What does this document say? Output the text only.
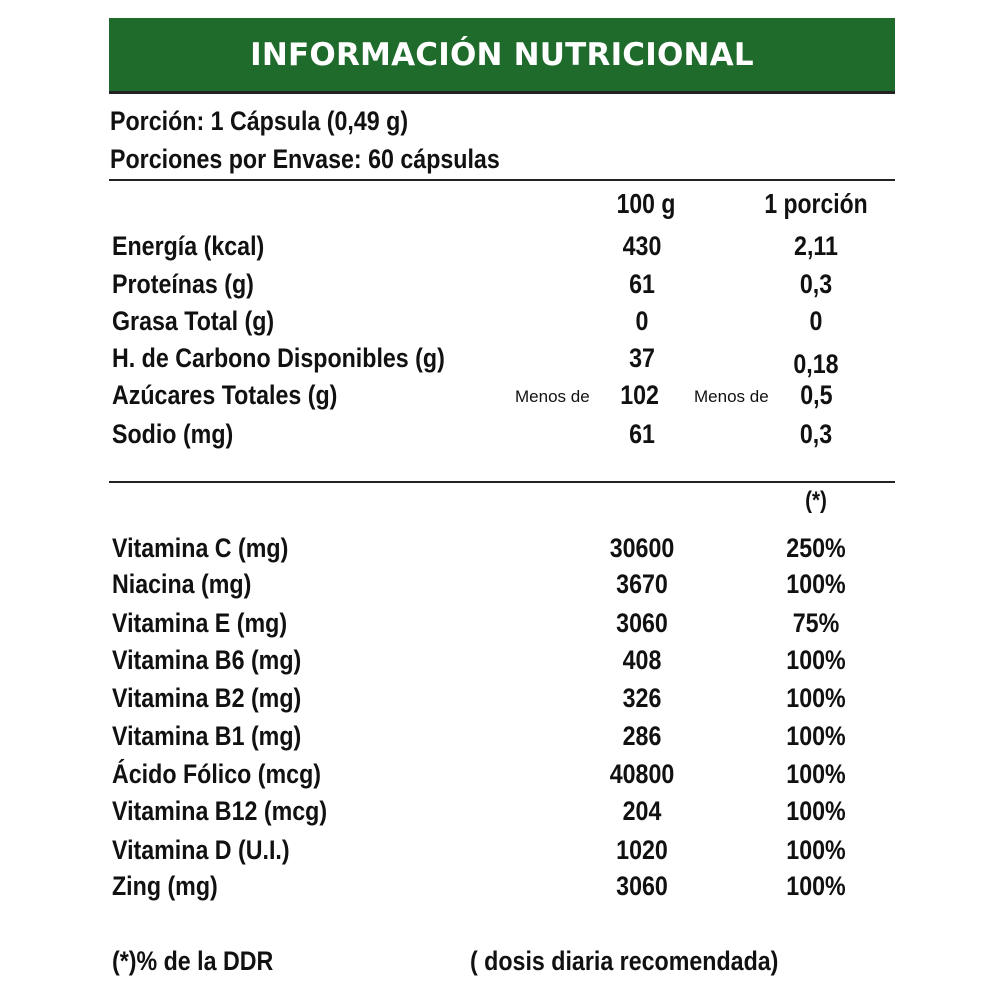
INFORMACIÓN NUTRICIONAL
Porción: 1 Cápsula (0,49 g)
Porciones por Envase: 60 cápsulas
100 g	1 porción
Energía (kcal)	430	2,11
Proteínas (g)	61	0,3
Grasa Total (g)	0	0
H. de Carbono Disponibles (g)	37	0,18
Azúcares Totales (g)	Menos de 102	Menos de 0,5
Sodio (mg)	61	0,3
(*)
Vitamina C (mg)	30600	250%
Niacina (mg)	3670	100%
Vitamina E (mg)	3060	75%
Vitamina B6 (mg)	408	100%
Vitamina B2 (mg)	326	100%
Vitamina B1 (mg)	286	100%
Ácido Fólico (mcg)	40800	100%
Vitamina B12 (mcg)	204	100%
Vitamina D (U.I.)	1020	100%
Zing (mg)	3060	100%
(*)% de la DDR	( dosis diaria recomendada)
